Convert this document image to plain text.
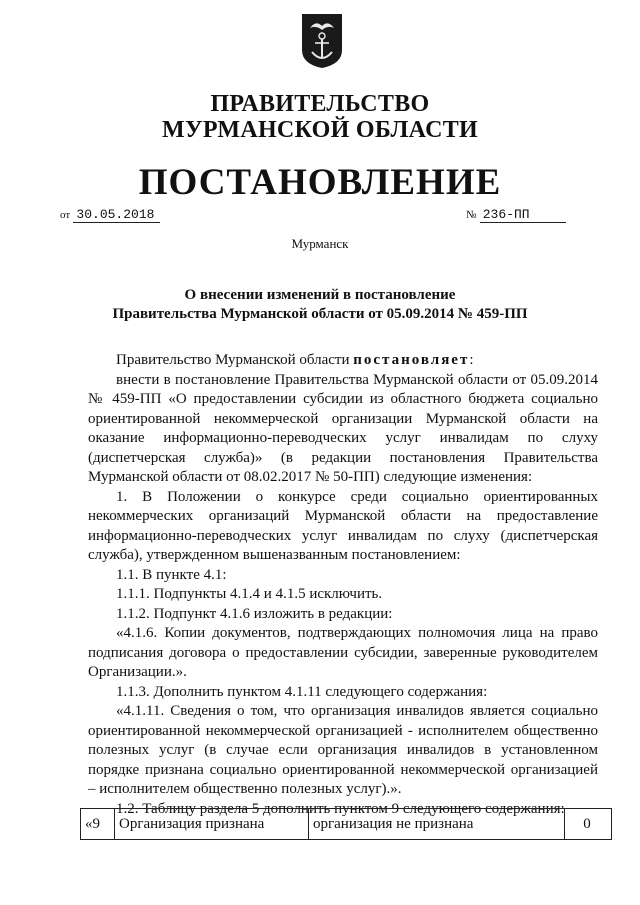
ПРАВИТЕЛЬСТВО
МУРМАНСКОЙ ОБЛАСТИ
ПОСТАНОВЛЕНИЕ
от 30.05.2018	№ 236-ПП
Мурманск
О внесении изменений в постановление
Правительства Мурманской области от 05.09.2014 № 459-ПП

Правительство Мурманской области постановляет:

внести в постановление Правительства Мурманской области от 05.09.2014 № 459-ПП «О предоставлении субсидии из областного бюджета социально ориентированной некоммерческой организации Мурманской области на оказание информационно-переводческих услуг инвалидам по слуху (диспетчерская служба)» (в редакции постановления Правительства Мурманской области от 08.02.2017 № 50-ПП) следующие изменения:

1. В Положении о конкурсе среди социально ориентированных некоммерческих организаций Мурманской области на предоставление информационно-переводческих услуг инвалидам по слуху (диспетчерская служба), утвержденном вышеназванным постановлением:

1.1. В пункте 4.1:

1.1.1. Подпункты 4.1.4 и 4.1.5 исключить.

1.1.2. Подпункт 4.1.6 изложить в редакции:

«4.1.6. Копии документов, подтверждающих полномочия лица на право подписания договора о предоставлении субсидии, заверенные руководителем Организации.».

1.1.3. Дополнить пунктом 4.1.11 следующего содержания:

«4.1.11. Сведения о том, что организация инвалидов является социально ориентированной некоммерческой организацией - исполнителем общественно полезных услуг (в случае если организация инвалидов в установленном порядке признана социально ориентированной некоммерческой организацией – исполнителем общественно полезных услуг).».

1.2. Таблицу раздела 5 дополнить пунктом 9 следующего содержания:

«9	Организация признана	организация не признана	0
